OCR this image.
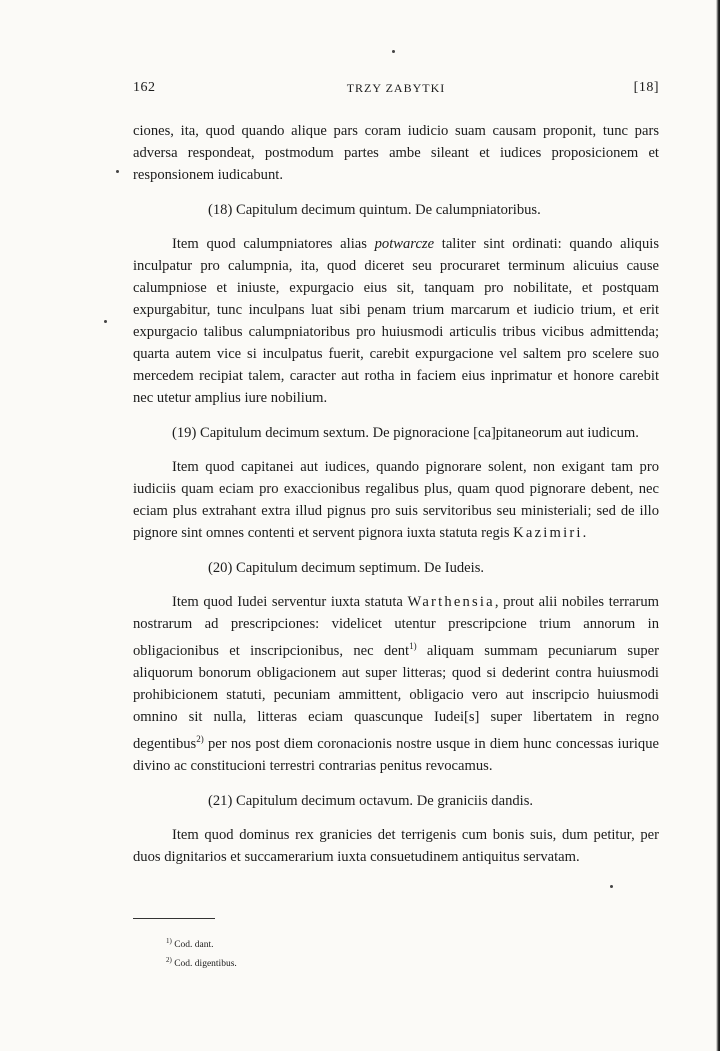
162	TRZY ZABYTKI	[18]

ciones, ita, quod quando alique pars coram iudicio suam causam proponit, tunc pars adversa respondeat, postmodum partes ambe sileant et iudices proposicionem et responsionem iudicabunt.

(18) Capitulum decimum quintum. De calumpniatoribus.

Item quod calumpniatores alias potwarcze taliter sint ordinati: quando aliquis inculpatur pro calumpnia, ita, quod diceret seu procuraret terminum alicuius cause calumpniose et iniuste, expurgacio eius sit, tanquam pro nobilitate, et postquam expurgabitur, tunc inculpans luat sibi penam trium marcarum et iudicio trium, et erit expurgacio talibus calumpniatoribus pro huiusmodi articulis tribus vicibus admittenda; quarta autem vice si inculpatus fuerit, carebit expurgacione vel saltem pro scelere suo mercedem recipiat talem, caracter aut rotha in faciem eius inprimatur et honore carebit nec utetur amplius iure nobilium.

(19) Capitulum decimum sextum. De pignoracione [ca]pitaneorum aut iudicum.

Item quod capitanei aut iudices, quando pignorare solent, non exigant tam pro iudiciis quam eciam pro exaccionibus regalibus plus, quam quod pignorare debent, nec eciam plus extrahant extra illud pignus pro suis servitoribus seu ministeriali; sed de illo pignore sint omnes contenti et servent pignora iuxta statuta regis Kazimiri.

(20) Capitulum decimum septimum. De Iudeis.

Item quod Iudei serventur iuxta statuta Warthensia, prout alii nobiles terrarum nostrarum ad prescripciones: videlicet utentur prescripcione trium annorum in obligacionibus et inscripcionibus, nec dent$^{1)}$ aliquam summam pecuniarum super aliquorum bonorum obligacionem aut super litteras; quod si dederint contra huiusmodi prohibicionem statuti, pecuniam ammittent, obligacio vero aut inscripcio huiusmodi omnino sit nulla, litteras eciam quascunque Iudei[s] super libertatem in regno degentibus$^{2)}$ per nos post diem coronacionis nostre usque in diem hunc concessas iurique divino ac constitucioni terrestri contrarias penitus revocamus.

(21) Capitulum decimum octavum. De graniciis dandis.

Item quod dominus rex granicies det terrigenis cum bonis suis, dum petitur, per duos dignitarios et succamerarium iuxta consuetudinem antiquitus servatam.

$^{1)}$ Cod. dant.
$^{2)}$ Cod. digentibus.
